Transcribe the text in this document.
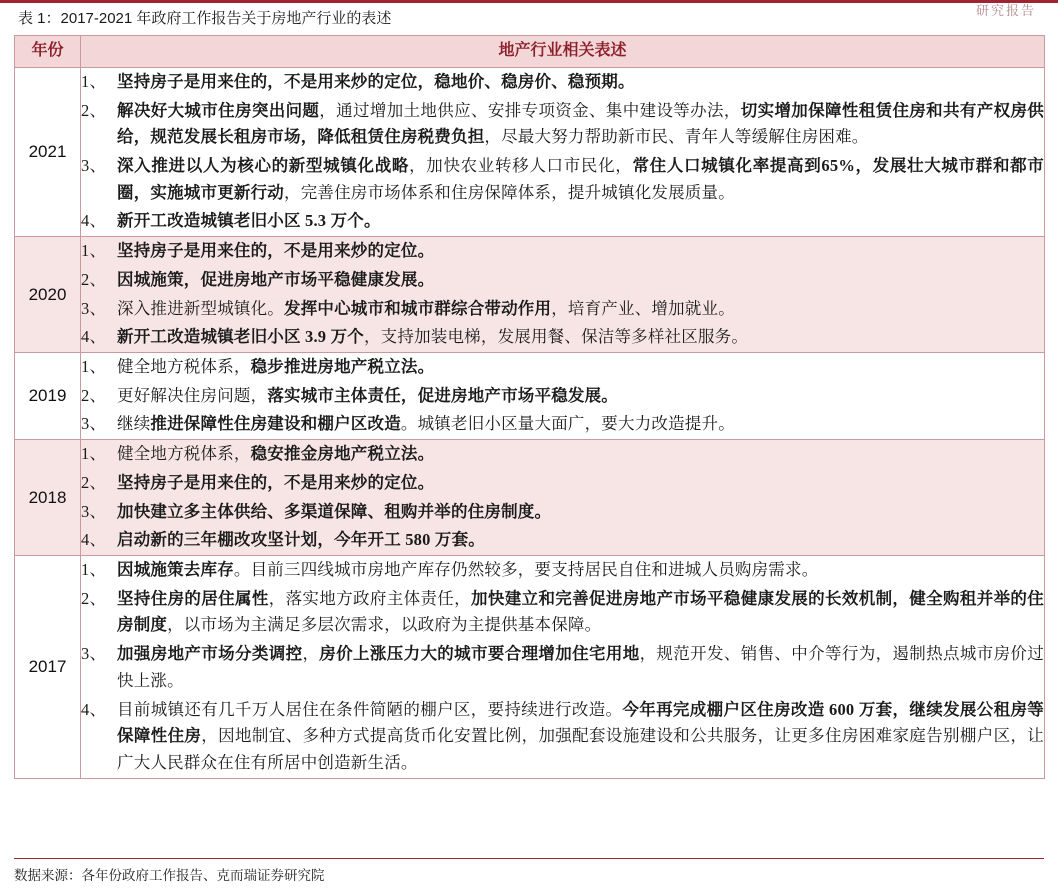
研究报告
表 1：2017-2021 年政府工作报告关于房地产行业的表述
年份	地产行业相关表述
2021	
1、 坚持房子是用来住的，不是用来炒的定位，稳地价、稳房价、稳预期。
2、 解决好大城市住房突出问题，通过增加土地供应、安排专项资金、集中建设等办法，切实增加保障性租赁住房和共有产权房供给，规范发展长租房市场，降低租赁住房税费负担，尽最大努力帮助新市民、青年人等缓解住房困难。
3、 深入推进以人为核心的新型城镇化战略，加快农业转移人口市民化，常住人口城镇化率提高到65%，发展壮大城市群和都市圈，实施城市更新行动，完善住房市场体系和住房保障体系，提升城镇化发展质量。
4、 新开工改造城镇老旧小区 5.3 万个。

2020	
1、 坚持房子是用来住的，不是用来炒的定位。
2、 因城施策，促进房地产市场平稳健康发展。
3、 深入推进新型城镇化。发挥中心城市和城市群综合带动作用，培育产业、增加就业。
4、 新开工改造城镇老旧小区 3.9 万个，支持加装电梯，发展用餐、保洁等多样社区服务。

2019	
1、 健全地方税体系，稳步推进房地产税立法。
2、 更好解决住房问题，落实城市主体责任，促进房地产市场平稳发展。
3、 继续推进保障性住房建设和棚户区改造。城镇老旧小区量大面广，要大力改造提升。

2018	
1、 健全地方税体系，稳安推金房地产税立法。
2、 坚持房子是用来住的，不是用来炒的定位。
3、 加快建立多主体供给、多渠道保障、租购并举的住房制度。
4、 启动新的三年棚改攻坚计划，今年开工 580 万套。

2017	
1、 因城施策去库存。目前三四线城市房地产库存仍然较多，要支持居民自住和进城人员购房需求。
2、 坚持住房的居住属性，落实地方政府主体责任，加快建立和完善促进房地产市场平稳健康发展的长效机制，健全购租并举的住房制度，以市场为主满足多层次需求，以政府为主提供基本保障。
3、 加强房地产市场分类调控，房价上涨压力大的城市要合理增加住宅用地，规范开发、销售、中介等行为，遏制热点城市房价过快上涨。
4、 目前城镇还有几千万人居住在条件简陋的棚户区，要持续进行改造。今年再完成棚户区住房改造 600 万套，继续发展公租房等保障性住房，因地制宜、多种方式提高货币化安置比例，加强配套设施建设和公共服务，让更多住房困难家庭告别棚户区，让广大人民群众在住有所居中创造新生活。
数据来源：各年份政府工作报告、克而瑞证券研究院
